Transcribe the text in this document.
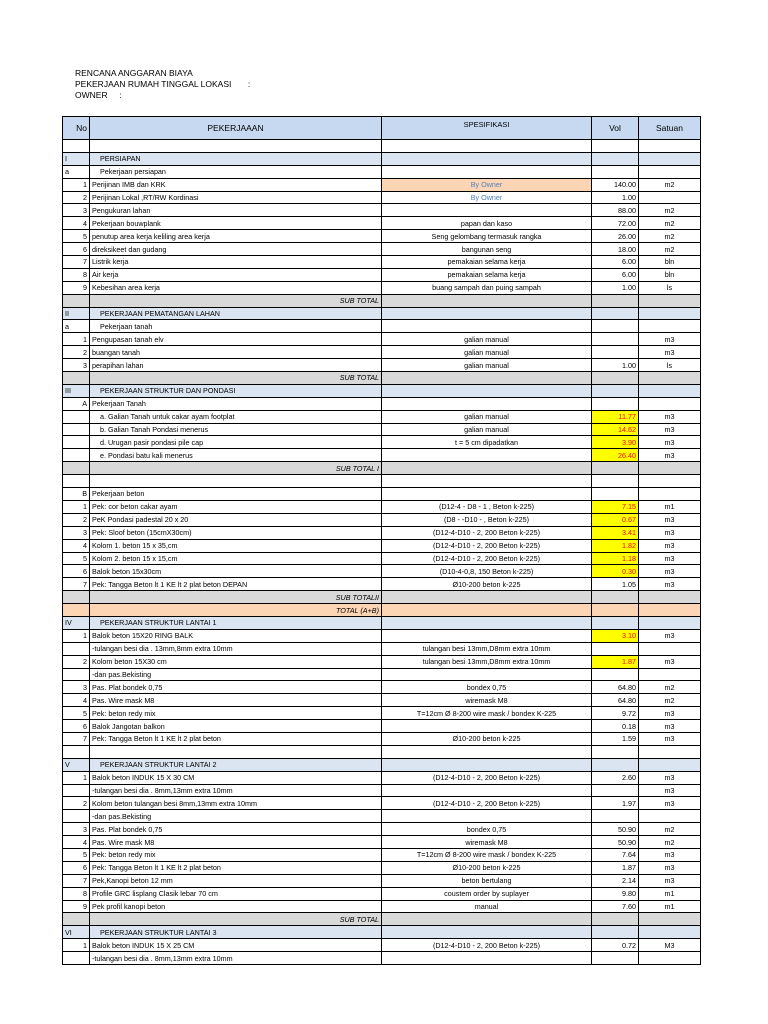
RENCANA ANGGARAN BIAYA
PEKERJAAN RUMAH TINGGAL LOKASI       :
OWNER     :
No	PEKERJAAAN	SPESIFIKASI	Vol	Satuan

I	PERSIAPAN			
a	Pekerjaan persiapan			
1	Perijinan IMB dan KRK	By Owner	140.00	m2
2	Perijinan Lokal ,RT/RW Kordinasi	By Owner	1.00	
3	Pengukuran lahan		88.00	m2
4	Pekerjaan bouwplank	papan dan kaso	72.00	m2
5	penutup area kerja keliling area kerja	Seng gelombang termasuk rangka	26.00	m2
6	direksikeet dan gudang	bangunan seng	18.00	m2
7	Listrik kerja	pemakaian selama kerja	6.00	bln
8	Air kerja	pemakaian selama kerja	6.00	bln
9	Kebesihan area kerja	buang sampah dan puing sampah	1.00	ls
	SUB TOTAL			
II	PEKERJAAN PEMATANGAN LAHAN			
a	Pekerjaan tanah			
1	Pengupasan tanah elv	galian manual		m3
2	buangan tanah	galian manual		m3
3	perapihan lahan	galian manual	1.00	ls
	SUB TOTAL			
III	PEKERJAAN STRUKTUR DAN PONDASI			
A	Pekerjaan Tanah			
	a. Galian Tanah untuk cakar ayam footplat	galian manual	11.77	m3
	b. Galian Tanah Pondasi menerus	galian manual	14.62	m3
	d. Urugan pasir pondasi pile cap	t = 5 cm dipadatkan	3.90	m3
	e. Pondasi batu kali menerus		26.40	m3
	SUB TOTAL I			

B	Pekerjaan beton			
1	Pek: cor beton cakar ayam	(D12-4 - D8 - 1 , Beton k-225)	7.15	m1
2	PeK Pondasi padestal 20 x 20	(D8 - -D10 - , Beton k-225)	0.67	m3
3	Pek: Sloof beton (15cmX30cm)	(D12-4-D10 - 2, 200 Beton k-225)	3.41	m3
4	Kolom 1. beton 15 x 35,cm	(D12-4-D10 - 2, 200 Beton k-225)	1.82	m3
5	Kolom 2. beton 15 x 15,cm	(D12-4-D10 - 2, 200 Beton k-225)	1.18	m3
6	Balok beton 15x30cm	(D10-4-0,8, 150 Beton k-225)	0.30	m3
7	Pek: Tangga Beton lt 1 KE lt 2 plat beton DEPAN	Ø10-200 beton k-225	1.05	m3
	SUB TOTALII			
	TOTAL (A+B)			
IV	PEKERJAAN STRUKTUR LANTAI 1			
1	Balok beton 15X20 RING BALK		3.10	m3
	-tulangan besi dia . 13mm,8mm extra 10mm	tulangan besi 13mm,D8mm extra 10mm		
2	Kolom beton 15X30 cm	tulangan besi 13mm,D8mm extra 10mm	1.87	m3
	-dan pas.Bekisting			
3	Pas. Plat bondek 0,75	bondex 0,75	64.80	m2
4	Pas. Wire mask M8	wiremask M8	64.80	m2
5	Pek: beton redy mix	T=12cm Ø 8-200 wire mask / bondex K-225	9.72	m3
6	Balok Jangotan balkon		0.18	m3
7	Pek: Tangga Beton lt 1 KE lt 2 plat beton	Ø10-200 beton k-225	1.59	m3

V	PEKERJAAN STRUKTUR LANTAI 2			
1	Balok beton INDUK 15 X 30 CM	(D12-4-D10 - 2, 200 Beton k-225)	2.60	m3
	-tulangan besi dia . 8mm,13mm extra 10mm			m3
2	Kolom beton tulangan besi 8mm,13mm extra 10mm	(D12-4-D10 - 2, 200 Beton k-225)	1.97	m3
	-dan pas.Bekisting			
3	Pas. Plat bondek 0,75	bondex 0,75	50.90	m2
4	Pas. Wire mask M8	wiremask M8	50.90	m2
5	Pek: beton redy mix	T=12cm Ø 8-200 wire mask / bondex K-225	7.64	m3
6	Pek: Tangga Beton lt 1 KE lt 2 plat beton	Ø10-200 beton k-225	1.87	m3
7	Pek,Kanopi beton 12 mm	beton bertulang	2.14	m3
8	Profile GRC lisplang Clasik lebar 70 cm	coustem order by suplayer	9.80	m1
9	Pek profil kanopi beton	manual	7.60	m1
	SUB TOTAL			
VI	PEKERJAAN STRUKTUR LANTAI 3			
1	Balok beton INDUK 15 X 25 CM	(D12-4-D10 - 2, 200 Beton k-225)	0.72	M3
	-tulangan besi dia . 8mm,13mm extra 10mm			
